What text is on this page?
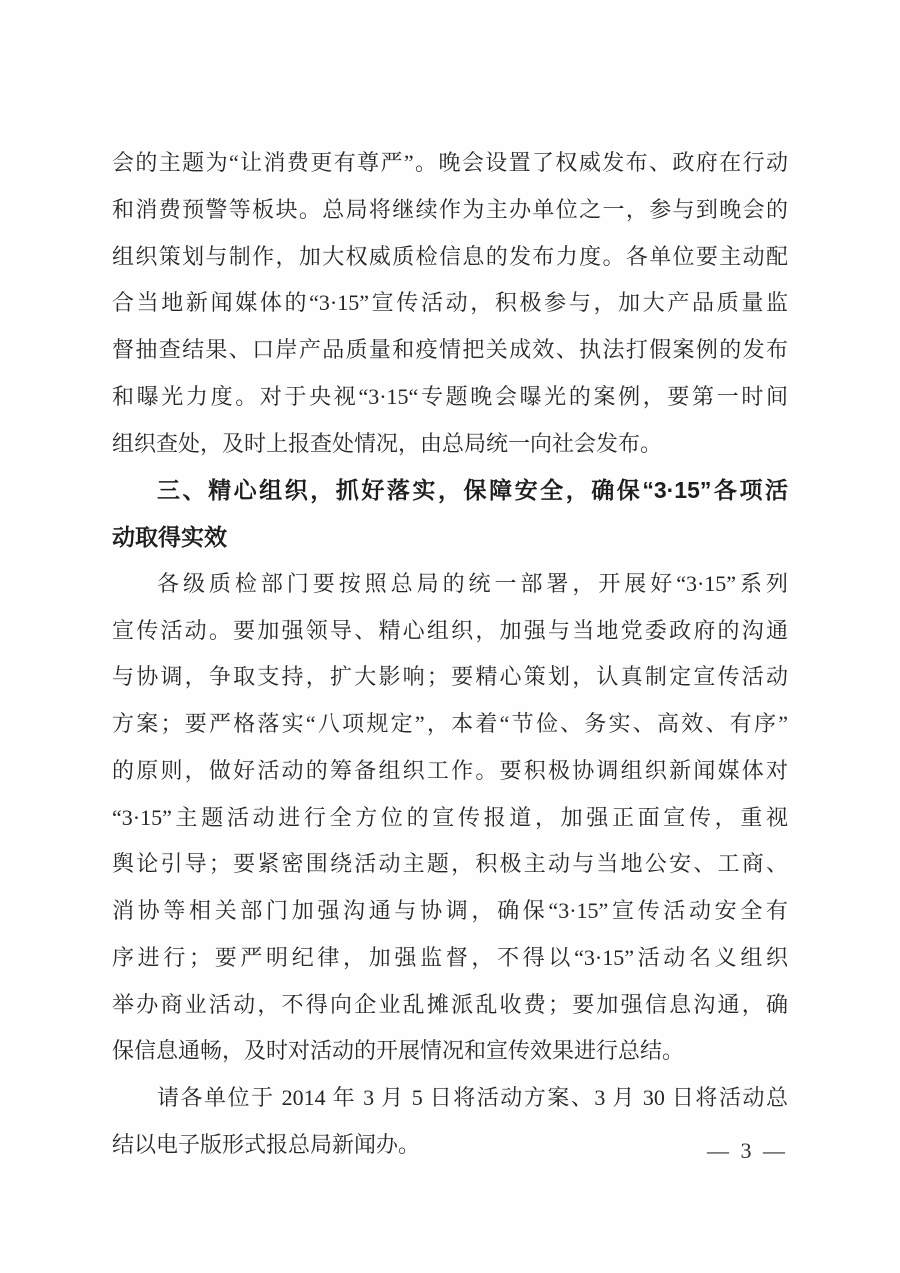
会的主题为“让消费更有尊严”。晚会设置了权威发布、政府在行动
和消费预警等板块。总局将继续作为主办单位之一，参与到晚会的
组织策划与制作，加大权威质检信息的发布力度。各单位要主动配
合当地新闻媒体的“3·15”宣传活动，积极参与，加大产品质量监
督抽查结果、口岸产品质量和疫情把关成效、执法打假案例的发布
和曝光力度。对于央视“3·15“专题晚会曝光的案例，要第一时间
组织查处，及时上报查处情况，由总局统一向社会发布。
三、精心组织，抓好落实，保障安全，确保“3·15”各项活
动取得实效
各级质检部门要按照总局的统一部署，开展好“3·15”系列
宣传活动。要加强领导、精心组织，加强与当地党委政府的沟通
与协调，争取支持，扩大影响；要精心策划，认真制定宣传活动
方案；要严格落实“八项规定”，本着“节俭、务实、高效、有序”
的原则，做好活动的筹备组织工作。要积极协调组织新闻媒体对
“3·15”主题活动进行全方位的宣传报道，加强正面宣传，重视
舆论引导；要紧密围绕活动主题，积极主动与当地公安、工商、
消协等相关部门加强沟通与协调，确保“3·15”宣传活动安全有
序进行；要严明纪律，加强监督，不得以“3·15”活动名义组织
举办商业活动，不得向企业乱摊派乱收费；要加强信息沟通，确
保信息通畅，及时对活动的开展情况和宣传效果进行总结。
请各单位于 2014 年 3 月 5 日将活动方案、3 月 30 日将活动总
结以电子版形式报总局新闻办。	— 3 —
